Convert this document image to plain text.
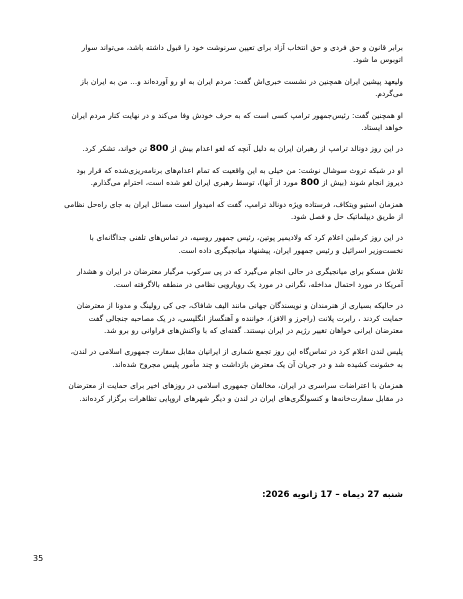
برابر قانون و حق فردی و حق انتخاب آزاد برای تعیین سرنوشت خود را قبول داشته باشد، می‌تواند سوار اتوبوس ما شود.

ولیعهد پیشین ایران همچنین در نشست خبری‌اش گفت: مردم ایران به او رو آورده‌اند و... من به ایران باز می‌گردم.

او همچنین گفت: رئیس‌جمهور ترامپ کسی است که به حرف خودش وفا می‌کند و در نهایت کنار مردم ایران خواهد ایستاد.

در این روز دونالد ترامپ از رهبران ایران به دلیل آنچه که لغو اعدام بیش از 800 تن خواند، تشکر کرد.

او در شبکه تروث سوشال نوشت: من خیلی به این واقعیت که تمام اعدام‌های برنامه‌ریزی‌شده که قرار بود دیروز انجام شوند (بیش از 800 مورد از آنها)، توسط رهبری ایران لغو شده است، احترام می‌گذارم.

همزمان استیو ویتکاف، فرستاده ویژه دونالد ترامپ، گفت که امیدوار است مسائل ایران به جای راه‌حل نظامی از طریق دیپلماتیک حل و فصل شود.

در این روز کرملین اعلام کرد که ولادیمیر پوتین، رئیس جمهور روسیه، در تماس‌های تلفنی جداگانه‌ای با نخست‌وزیر اسرائیل و رئیس جمهور ایران، پیشنهاد میانجیگری داده است.

تلاش مسکو برای میانجیگری در حالی انجام می‌گیرد که در پی سرکوب مرگبار معترضان در ایران و هشدار آمریکا در مورد احتمال مداخله، نگرانی در مورد یک رویارویی نظامی در منطقه بالاگرفته است.

در حالیکه بسیاری از هنرمندان و نویسندگان جهانی مانند الیف شافاک، جی کی رولینگ و مدونا از معترضان حمایت کردند ، رابرت پلانت (راجرز و الافز)، خواننده و آهنگساز انگلیسی، در یک مصاحبه جنجالی گفت معترضان ایرانی خواهان تغییر رژیم در ایران نیستند. گفته‌ای که با واکنش‌های فراوانی رو برو شد.

پلیس لندن اعلام کرد در تماس‌گاه این روز تجمع شماری از ایرانیان مقابل سفارت جمهوری اسلامی در لندن، به خشونت کشیده شد و در جریان آن یک معترض بازداشت و چند مأمور پلیس مجروح شده‌اند.

همزمان با اعتراضات سراسری در ایران، مخالفان جمهوری اسلامی در روزهای اخیر برای حمایت از معترضان در مقابل سفارت‌خانه‌ها و کنسولگری‌های ایران در لندن و دیگر شهرهای اروپایی تظاهرات برگزار کرده‌اند.

شنبه 27 دیماه – 17 ژانویه 2026:

35
